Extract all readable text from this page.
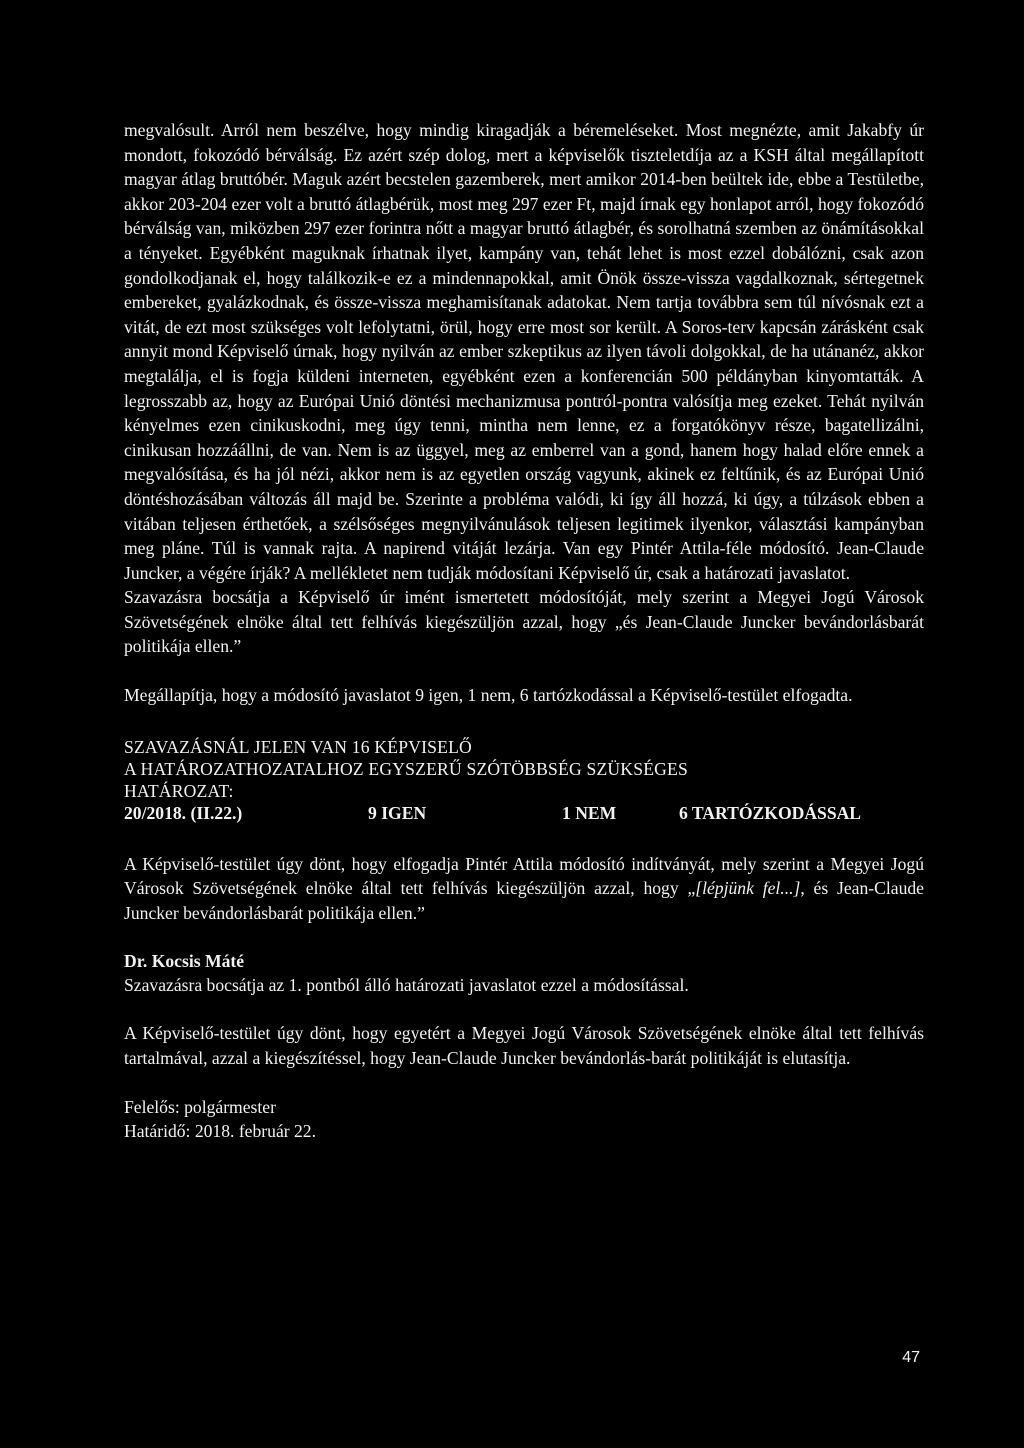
megvalósult. Arról nem beszélve, hogy mindig kiragadják a béremeléseket. Most megnézte, amit Jakabfy úr mondott, fokozódó bérválság. Ez azért szép dolog, mert a képviselők tiszteletdíja az a KSH által megállapított magyar átlag bruttóbér. Maguk azért becstelen gazemberek, mert amikor 2014-ben beültek ide, ebbe a Testületbe, akkor 203-204 ezer volt a bruttó átlagbérük, most meg 297 ezer Ft, majd írnak egy honlapot arról, hogy fokozódó bérválság van, miközben 297 ezer forintra nőtt a magyar bruttó átlagbér, és sorolhatná szemben az önámításokkal a tényeket. Egyébként maguknak írhatnak ilyet, kampány van, tehát lehet is most ezzel dobálózni, csak azon gondolkodjanak el, hogy találkozik-e ez a mindennapokkal, amit Önök össze-vissza vagdalkoznak, sértegetnek embereket, gyalázkodnak, és össze-vissza meghamisítanak adatokat. Nem tartja továbbra sem túl nívósnak ezt a vitát, de ezt most szükséges volt lefolytatni, örül, hogy erre most sor került. A Soros-terv kapcsán zárásként csak annyit mond Képviselő úrnak, hogy nyilván az ember szkeptikus az ilyen távoli dolgokkal, de ha utánanéz, akkor megtalálja, el is fogja küldeni interneten, egyébként ezen a konferencián 500 példányban kinyomtatták. A legrosszabb az, hogy az Európai Unió döntési mechanizmusa pontról-pontra valósítja meg ezeket. Tehát nyilván kényelmes ezen cinikuskodni, meg úgy tenni, mintha nem lenne, ez a forgatókönyv része, bagatellizálni, cinikusan hozzáállni, de van. Nem is az üggyel, meg az emberrel van a gond, hanem hogy halad előre ennek a megvalósítása, és ha jól nézi, akkor nem is az egyetlen ország vagyunk, akinek ez feltűnik, és az Európai Unió döntéshozásában változás áll majd be. Szerinte a probléma valódi, ki így áll hozzá, ki úgy, a túlzások ebben a vitában teljesen érthetőek, a szélsőséges megnyilvánulások teljesen legitimek ilyenkor, választási kampányban meg pláne. Túl is vannak rajta. A napirend vitáját lezárja. Van egy Pintér Attila-féle módosító. Jean-Claude Juncker, a végére írják? A mellékletet nem tudják módosítani Képviselő úr, csak a határozati javaslatot.

Szavazásra bocsátja a Képviselő úr imént ismertetett módosítóját, mely szerint a Megyei Jogú Városok Szövetségének elnöke által tett felhívás kiegészüljön azzal, hogy „és Jean-Claude Juncker bevándorlásbarát politikája ellen.”

Megállapítja, hogy a módosító javaslatot 9 igen, 1 nem, 6 tartózkodással a Képviselő-testület elfogadta.

SZAVAZÁSNÁL JELEN VAN 16 KÉPVISELŐ

A HATÁROZATHOZATALHOZ EGYSZERŰ SZÓTÖBBSÉG SZÜKSÉGES

HATÁROZAT:

20/2018. (II.22.)	9 IGEN	1 NEM	6 TARTÓZKODÁSSAL

A Képviselő-testület úgy dönt, hogy elfogadja Pintér Attila módosító indítványát, mely szerint a Megyei Jogú Városok Szövetségének elnöke által tett felhívás kiegészüljön azzal, hogy „[lépjünk fel...], és Jean-Claude Juncker bevándorlásbarát politikája ellen.”

Dr. Kocsis Máté

Szavazásra bocsátja az 1. pontból álló határozati javaslatot ezzel a módosítással.

A Képviselő-testület úgy dönt, hogy egyetért a Megyei Jogú Városok Szövetségének elnöke által tett felhívás tartalmával, azzal a kiegészítéssel, hogy Jean-Claude Juncker bevándorlás-barát politikáját is elutasítja.

Felelős: polgármester

Határidő: 2018. február 22.

47
